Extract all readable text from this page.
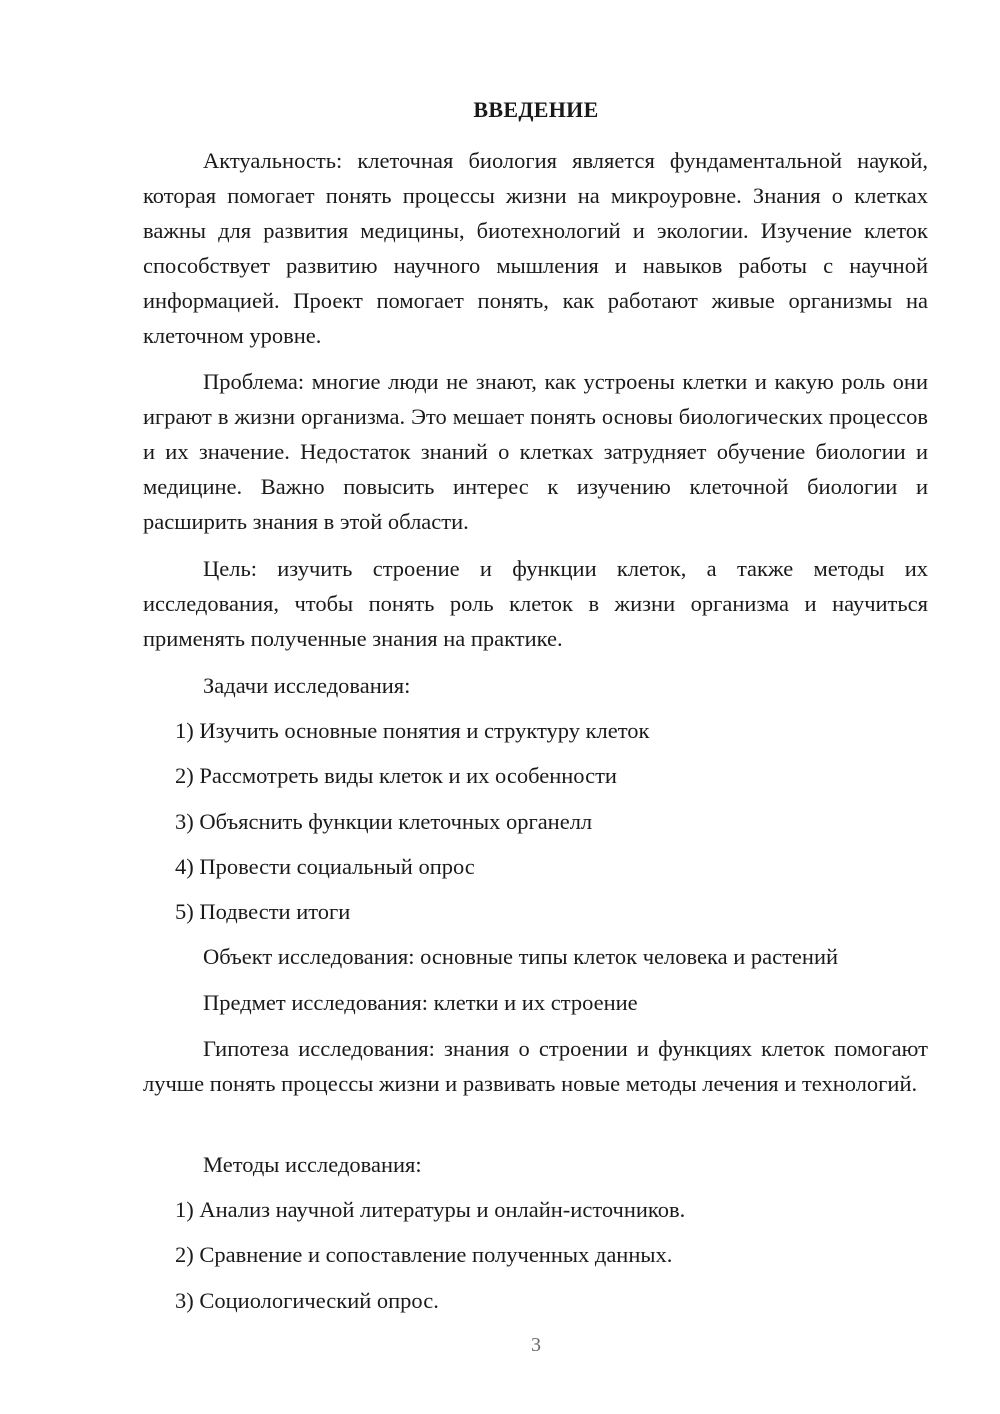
ВВЕДЕНИЕ

Актуальность: клеточная биология является фундаментальной наукой, которая помогает понять процессы жизни на микроуровне. Знания о клетках важны для развития медицины, биотехнологий и экологии. Изучение клеток способствует развитию научного мышления и навыков работы с научной информацией. Проект помогает понять, как работают живые организмы на клеточном уровне.

Проблема: многие люди не знают, как устроены клетки и какую роль они играют в жизни организма. Это мешает понять основы биологических процессов и их значение. Недостаток знаний о клетках затрудняет обучение биологии и медицине. Важно повысить интерес к изучению клеточной биологии и расширить знания в этой области.

Цель: изучить строение и функции клеток, а также методы их исследования, чтобы понять роль клеток в жизни организма и научиться применять полученные знания на практике.

Задачи исследования:
1) Изучить основные понятия и структуру клеток
2) Рассмотреть виды клеток и их особенности
3) Объяснить функции клеточных органелл
4) Провести социальный опрос
5) Подвести итоги
Объект исследования: основные типы клеток человека и растений
Предмет исследования: клетки и их строение

Гипотеза исследования: знания о строении и функциях клеток помогают лучше понять процессы жизни и развивать новые методы лечения и технологий.

Методы исследования:
1) Анализ научной литературы и онлайн-источников.
2) Сравнение и сопоставление полученных данных.
3) Социологический опрос.
3
